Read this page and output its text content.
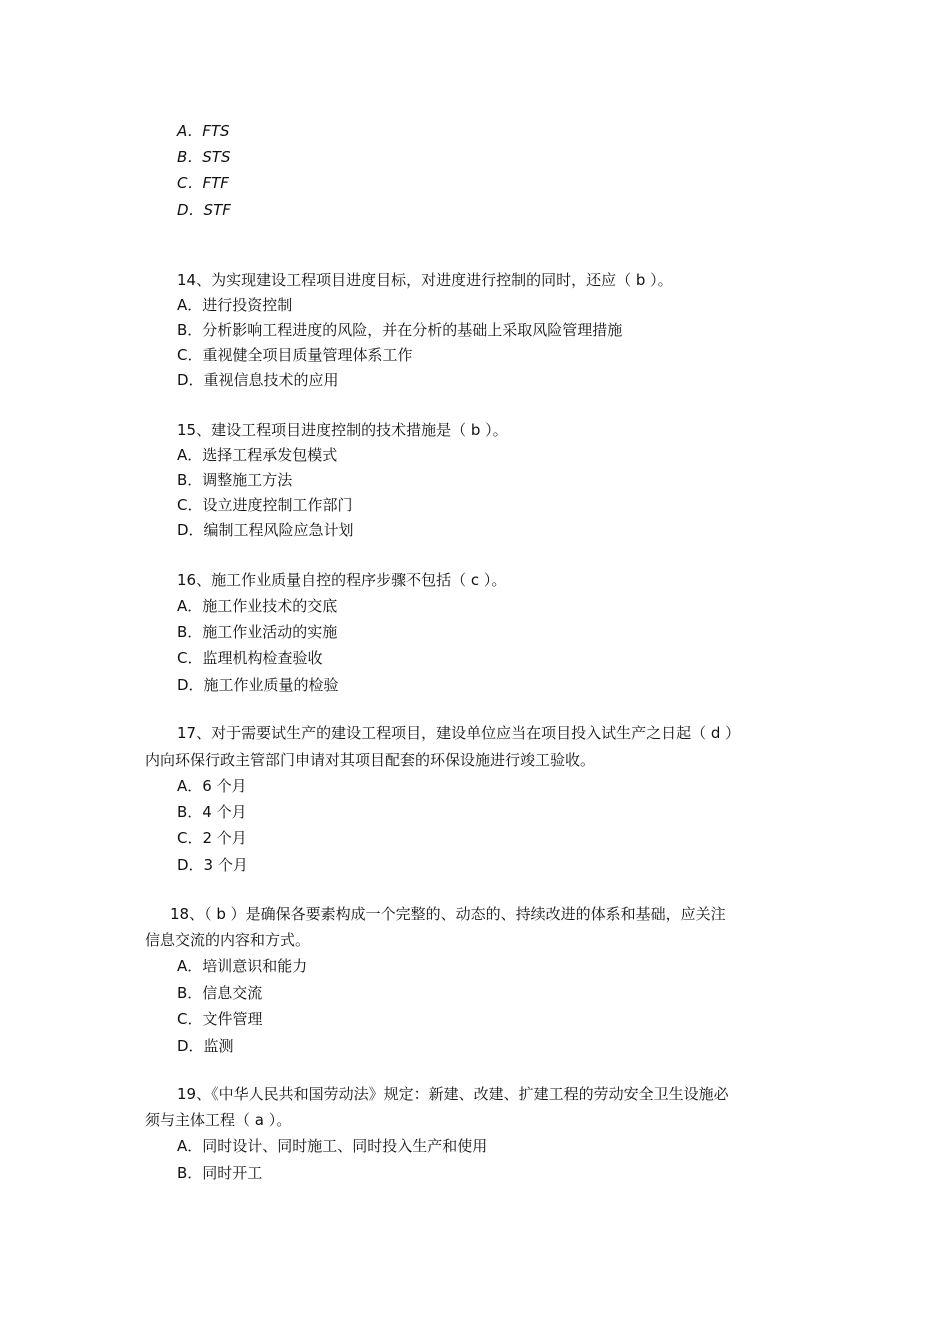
A．FTS
B．STS
C．FTF
D．STF
14、为实现建设工程项目进度目标，对进度进行控制的同时，还应（ b ）。
A．进行投资控制
B．分析影响工程进度的风险，并在分析的基础上采取风险管理措施
C．重视健全项目质量管理体系工作
D．重视信息技术的应用
15、建设工程项目进度控制的技术措施是（ b ）。
A．选择工程承发包模式
B．调整施工方法
C．设立进度控制工作部门
D．编制工程风险应急计划
16、施工作业质量自控的程序步骤不包括（ c ）。
A．施工作业技术的交底
B．施工作业活动的实施
C．监理机构检查验收
D．施工作业质量的检验
17、对于需要试生产的建设工程项目，建设单位应当在项目投入试生产之日起（ d ）
内向环保行政主管部门申请对其项目配套的环保设施进行竣工验收。
A．6 个月
B．4 个月
C．2 个月
D．3 个月
18、（ b ）是确保各要素构成一个完整的、动态的、持续改进的体系和基础，应关注
信息交流的内容和方式。
A．培训意识和能力
B．信息交流
C．文件管理
D．监测
19、《中华人民共和国劳动法》规定：新建、改建、扩建工程的劳动安全卫生设施必
须与主体工程（ a ）。
A．同时设计、同时施工、同时投入生产和使用
B．同时开工
